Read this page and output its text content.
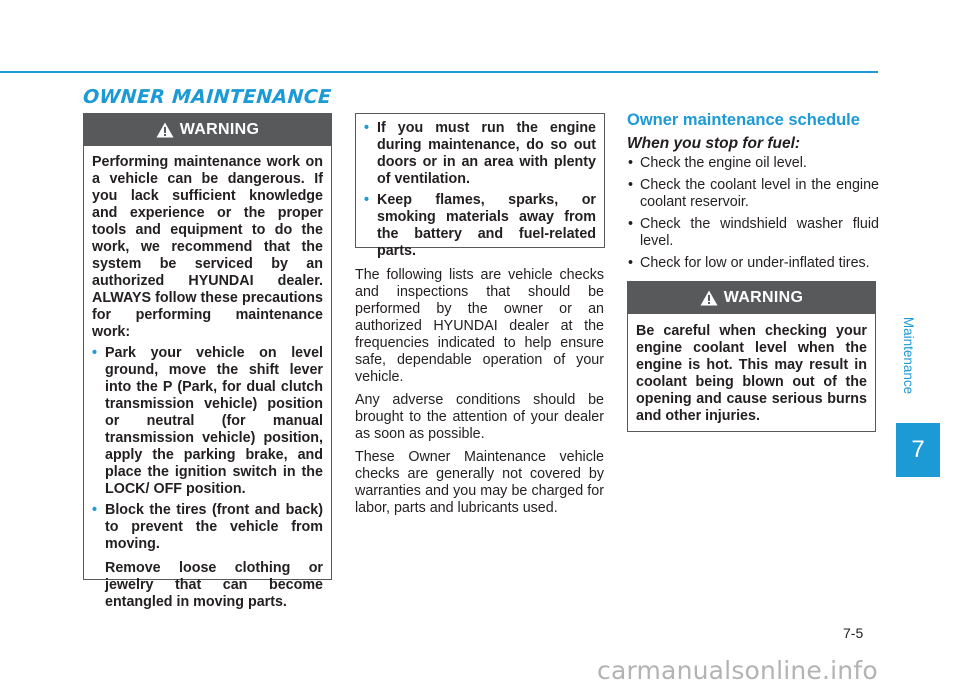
OWNER MAINTENANCE
WARNING

Performing maintenance work on a vehicle can be dangerous. If you lack sufficient knowledge and experience or the proper tools and equipment to do the work, we recommend that the system be serviced by an authorized HYUNDAI dealer. ALWAYS follow these precautions for performing maintenance work:

• Park your vehicle on level ground, move the shift lever into the P (Park, for dual clutch transmission vehicle) position or neutral (for manual transmission vehicle) position, apply the parking brake, and place the ignition switch in the LOCK/ OFF position.
• Block the tires (front and back) to prevent the vehicle from moving.

Remove loose clothing or jewelry that can become entangled in moving parts.

• If you must run the engine during maintenance, do so out doors or in an area with plenty of ventilation.
• Keep flames, sparks, or smoking materials away from the battery and fuel-related parts.

The following lists are vehicle checks and inspections that should be performed by the owner or an authorized HYUNDAI dealer at the frequencies indicated to help ensure safe, dependable operation of your vehicle.

Any adverse conditions should be brought to the attention of your dealer as soon as possible.

These Owner Maintenance vehicle checks are generally not covered by warranties and you may be charged for labor, parts and lubricants used.

Owner maintenance schedule
When you stop for fuel:
• Check the engine oil level.
• Check the coolant level in the engine coolant reservoir.
• Check the windshield washer fluid level.
• Check for low or under-inflated tires.
WARNING

Be careful when checking your engine coolant level when the engine is hot. This may result in coolant being blown out of the opening and cause serious burns and other injuries.

Maintenance
7
7-5
carmanualsonline.info
